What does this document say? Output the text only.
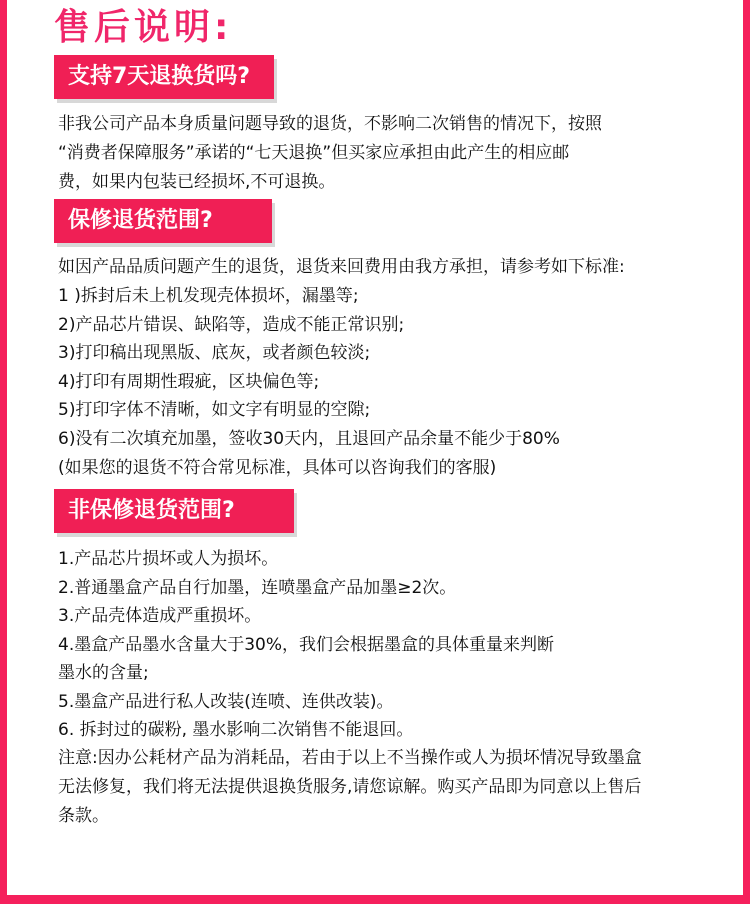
售后说明:
支持7天退换货吗?
非我公司产品本身质量问题导致的退货，不影响二次销售的情况下，按照
“消费者保障服务”承诺的“七天退换”但买家应承担由此产生的相应邮
费，如果内包装已经损坏,不可退换。
保修退货范围?
如因产品品质问题产生的退货，退货来回费用由我方承担，请参考如下标准:
1 )拆封后未上机发现壳体损坏，漏墨等;
2)产品芯片错误、缺陷等，造成不能正常识别;
3)打印稿出现黑版、底灰，或者颜色较淡;
4)打印有周期性瑕疵，区块偏色等;
5)打印字体不清晰，如文字有明显的空隙;
6)没有二次填充加墨，签收30天内，且退回产品余量不能少于80%
(如果您的退货不符合常见标准，具体可以咨询我们的客服)
非保修退货范围?
1.产品芯片损坏或人为损坏。
2.普通墨盒产品自行加墨，连喷墨盒产品加墨≥2次。
3.产品壳体造成严重损坏。
4.墨盒产品墨水含量大于30%，我们会根据墨盒的具体重量来判断
墨水的含量;
5.墨盒产品进行私人改装(连喷、连供改装)。
6. 拆封过的碳粉, 墨水影响二次销售不能退回。
注意:因办公耗材产品为消耗品，若由于以上不当操作或人为损坏情况导致墨盒
无法修复，我们将无法提供退换货服务,请您谅解。购买产品即为同意以上售后
条款。
